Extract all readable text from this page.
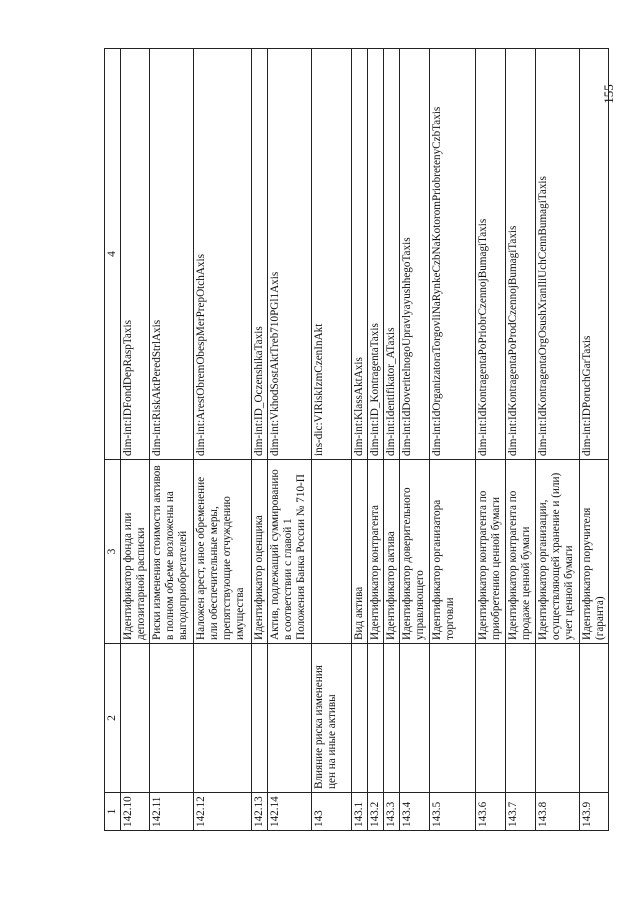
155
1	2	3	4
142.10		Идентификатор фонда или депозитарной расписки	dim-int:IDFondDepRaspTaxis
142.11		Риски изменения стоимости активов в полном объеме возложены на выгодоприобретателей	dim-int:RiskAktPeredStrlAxis
142.12		Наложен арест, иное обременение или обеспечительные меры, препятствующие отчуждению имущества	dim-int:ArestObremObespMerPrepOtchAxis
142.13		Идентификатор оценщика	dim-int:ID_OczenshikaTaxis
142.14		Актив, подлежащий суммированию в соответствии с главой 1 Положения Банка России № 710-П	dim-int:VkhodSostAktTreb710PGl1Axis
143	Влияние риска изменения цен на иные активы		ins-dic:VIRiskIzmCzenInAkt
143.1		Вид актива	dim-int:KlassAktAxis
143.2		Идентификатор контрагента	dim-int:ID_KontragentaTaxis
143.3		Идентификатор актива	dim-int:Identifikator_ATaxis
143.4		Идентификатор доверительного управляющего	dim-int:IdDoveritelnogoUpravlyayushhegoTaxis
143.5		Идентификатор организатора торговли	dim-int:IdOrganizatoraTorgovliNaRynkeCzbNaKotoromPriobretenyCzbTaxis
143.6		Идентификатор контрагента по приобретению ценной бумаги	dim-int:IdKontragentaPoPriobrCzennojBumagiTaxis
143.7		Идентификатор контрагента по продаже ценной бумаги	dim-int:IdKontragentaPoProdCzennojBumagiTaxis
143.8		Идентификатор организации, осуществляющей хранение и (или) учет ценной бумаги	dim-int:IdKontragentaOrgOsushXranIliUchCennBumagiTaxis
143.9		Идентификатор поручителя (гаранта)	dim-int:IDPoruchGarTaxis
